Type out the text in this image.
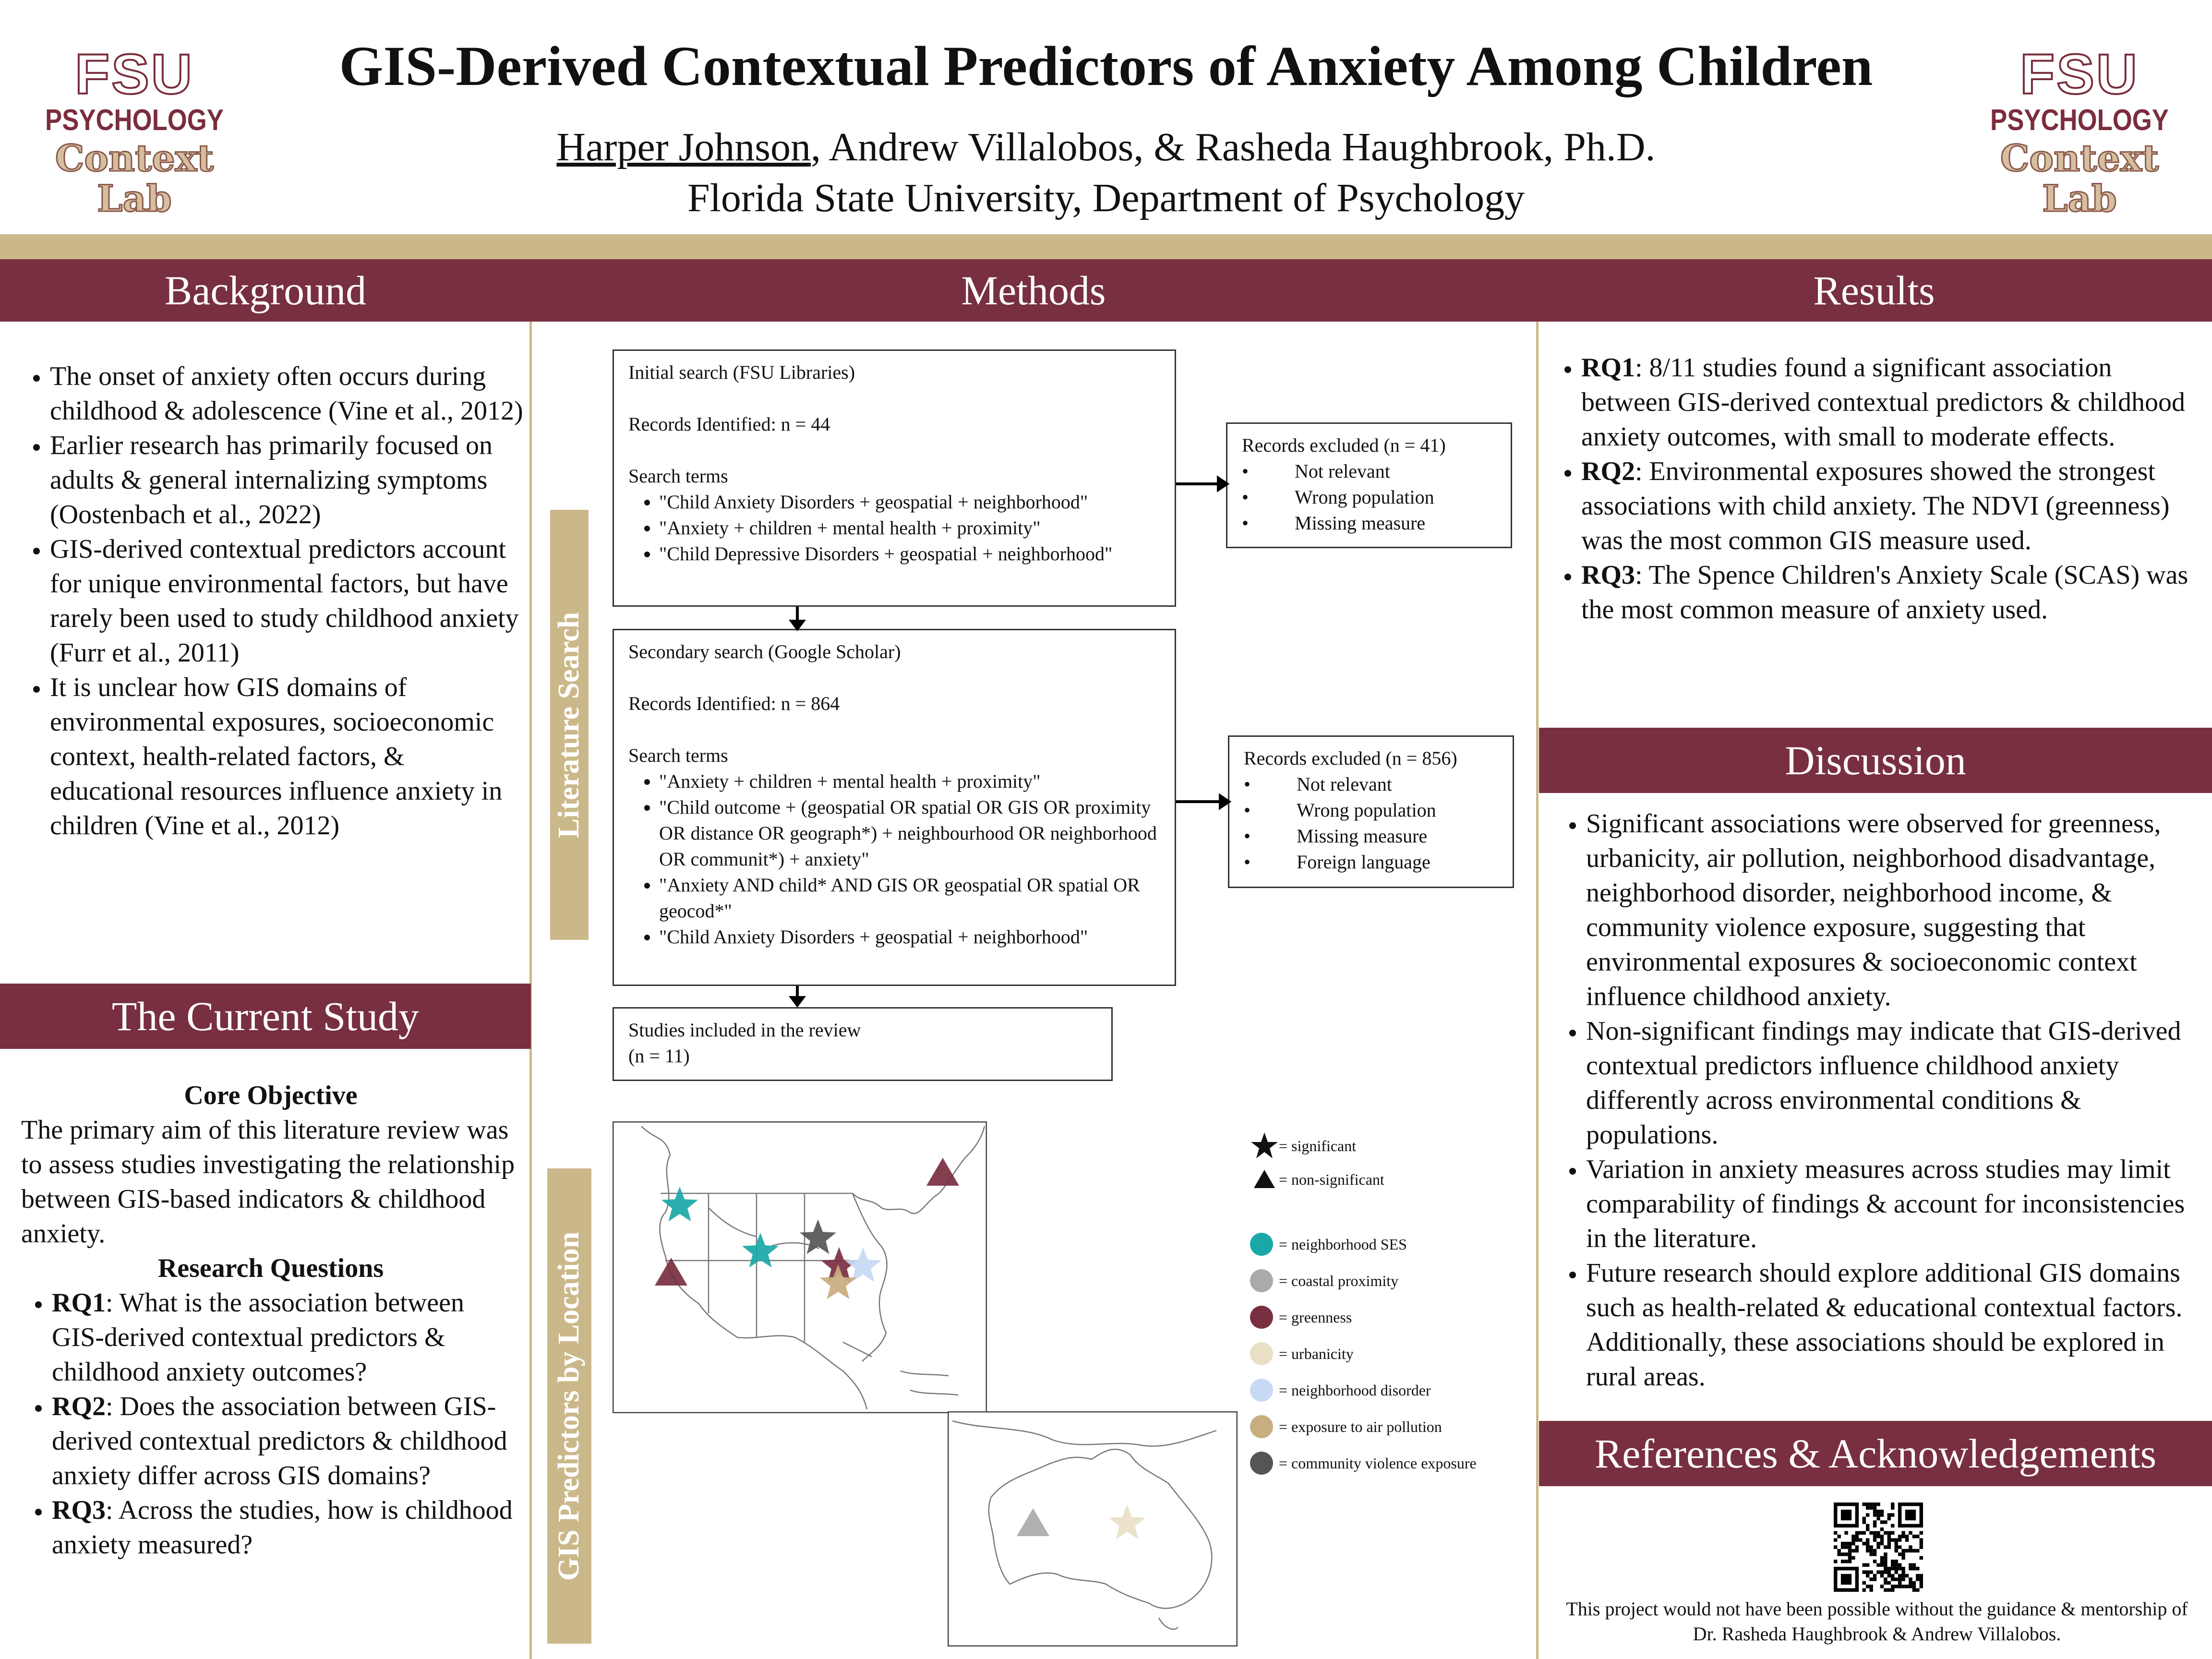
FSU
PSYCHOLOGY
Context Lab
FSU
PSYCHOLOGY
Context Lab
GIS-Derived Contextual Predictors of Anxiety Among Children
Harper Johnson, Andrew Villalobos, & Rasheda Haughbrook, Ph.D.
Florida State University, Department of Psychology
Background	Methods	Results
• The onset of anxiety often occurs during childhood & adolescence (Vine et al., 2012)
• Earlier research has primarily focused on adults & general internalizing symptoms (Oostenbach et al., 2022)
• GIS-derived contextual predictors account for unique environmental factors, but have rarely been used to study childhood anxiety (Furr et al., 2011)
• It is unclear how GIS domains of environmental exposures, socioeconomic context, health-related factors, & educational resources influence anxiety in children (Vine et al., 2012)
The Current Study
Core Objective
The primary aim of this literature review was to assess studies investigating the relationship between GIS-based indicators & childhood anxiety.
Research Questions
• RQ1: What is the association between GIS-derived contextual predictors & childhood anxiety outcomes?
• RQ2: Does the association between GIS-derived contextual predictors & childhood anxiety differ across GIS domains?
• RQ3: Across the studies, how is childhood anxiety measured?
Literature Search
GIS Predictors by Location
Initial search (FSU Libraries)
Records Identified: n = 44
Search terms
• "Child Anxiety Disorders + geospatial + neighborhood"
• "Anxiety + children + mental health + proximity"
• "Child Depressive Disorders + geospatial + neighborhood"
Records excluded (n = 41)
• Not relevant
• Wrong population
• Missing measure
Secondary search (Google Scholar)
Records Identified: n = 864
Search terms
• "Anxiety + children + mental health + proximity"
• "Child outcome + (geospatial OR spatial OR GIS OR proximity OR distance OR geograph*) + neighbourhood OR neighborhood OR communit*) + anxiety"
• "Anxiety AND child* AND GIS OR geospatial OR spatial OR geocod*"
• "Child Anxiety Disorders + geospatial + neighborhood"
Records excluded (n = 856)
• Not relevant
• Wrong population
• Missing measure
• Foreign language
Studies included in the review
(n = 11)
= significant
= non-significant
= neighborhood SES
= coastal proximity
= greenness
= urbanicity
= neighborhood disorder
= exposure to air pollution
= community violence exposure
• RQ1: 8/11 studies found a significant association between GIS-derived contextual predictors & childhood anxiety outcomes, with small to moderate effects.
• RQ2: Environmental exposures showed the strongest associations with child anxiety. The NDVI (greenness) was the most common GIS measure used.
• RQ3: The Spence Children's Anxiety Scale (SCAS) was the most common measure of anxiety used.
Discussion
• Significant associations were observed for greenness, urbanicity, air pollution, neighborhood disadvantage, neighborhood disorder, neighborhood income, & community violence exposure, suggesting that environmental exposures & socioeconomic context influence childhood anxiety.
• Non-significant findings may indicate that GIS-derived contextual predictors influence childhood anxiety differently across environmental conditions & populations.
• Variation in anxiety measures across studies may limit comparability of findings & account for inconsistencies in the literature.
• Future research should explore additional GIS domains such as health-related & educational contextual factors. Additionally, these associations should be explored in rural areas.
References & Acknowledgements
This project would not have been possible without the guidance & mentorship of Dr. Rasheda Haughbrook & Andrew Villalobos.
